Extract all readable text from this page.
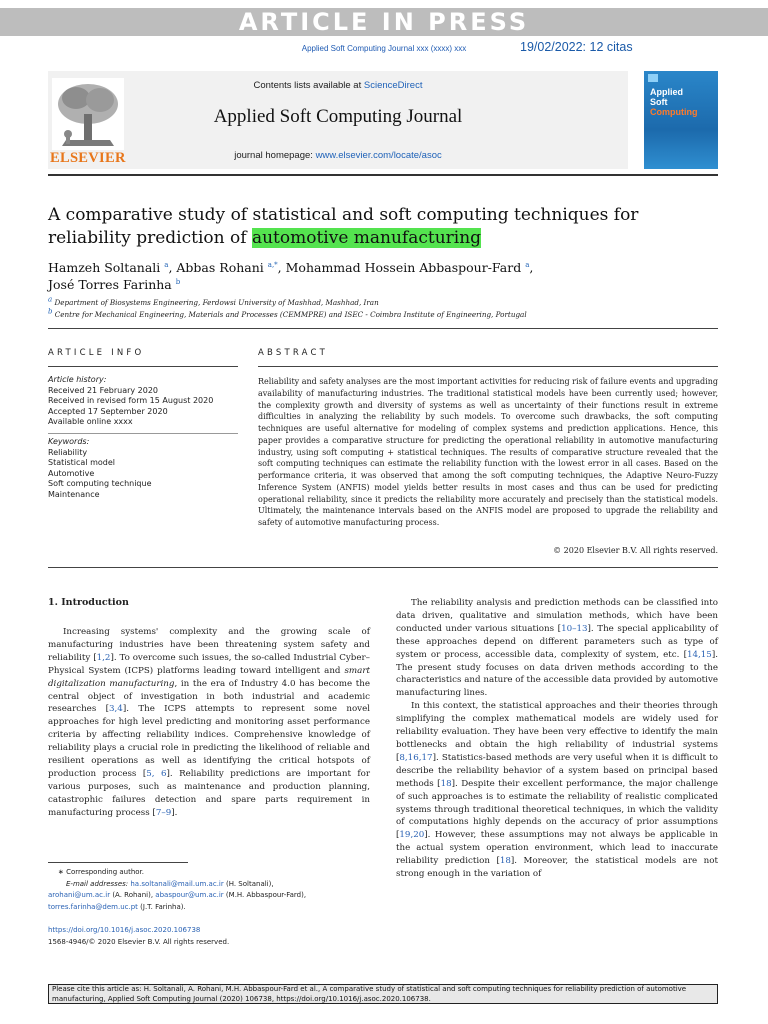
ARTICLE IN PRESS
Applied Soft Computing Journal xxx (xxxx) xxx	19/02/2022: 12 citas
ELSEVIER
Contents lists available at ScienceDirect
Applied Soft Computing Journal
journal homepage: www.elsevier.com/locate/asoc
Applied
Soft
Computing
A comparative study of statistical and soft computing techniques for reliability prediction of automotive manufacturing
Hamzeh Soltanali $^a$, Abbas Rohani $^{a,*}$, Mohammad Hossein Abbaspour-Fard $^a$,
José Torres Farinha $^b$
$^a$ Department of Biosystems Engineering, Ferdowsi University of Mashhad, Mashhad, Iran
$^b$ Centre for Mechanical Engineering, Materials and Processes (CEMMPRE) and ISEC - Coimbra Institute of Engineering, Portugal
ARTICLE INFO
Article history:
Received 21 February 2020
Received in revised form 15 August 2020
Accepted 17 September 2020
Available online xxxx
Keywords:
Reliability
Statistical model
Automotive
Soft computing technique
Maintenance
ABSTRACT
Reliability and safety analyses are the most important activities for reducing risk of failure events and upgrading availability of manufacturing industries. The traditional statistical models have been currently used; however, the complexity growth and diversity of systems as well as uncertainty of their functions result in extreme difficulties in analyzing the reliability by such models. To overcome such drawbacks, the soft computing techniques are useful alternative for modeling of complex systems and prediction applications. Hence, this paper provides a comparative structure for predicting the operational reliability in automotive manufacturing industry, using soft computing + statistical techniques. The results of comparative structure revealed that the soft computing techniques can estimate the reliability function with the lowest error in all cases. Based on the performance criteria, it was observed that among the soft computing techniques, the Adaptive Neuro-Fuzzy Inference System (ANFIS) model yields better results in most cases and thus can be used for predicting operational reliability, since it predicts the reliability more accurately and precisely than the statistical models. Ultimately, the maintenance intervals based on the ANFIS model are proposed to upgrade the reliability and safety of automotive manufacturing process.
© 2020 Elsevier B.V. All rights reserved.
1. Introduction

Increasing systems' complexity and the growing scale of manufacturing industries have been threatening system safety and reliability [1,2]. To overcome such issues, the so-called Industrial Cyber–Physical System (ICPS) platforms leading toward intelligent and smart digitalization manufacturing, in the era of Industry 4.0 has become the central object of investigation in both industrial and academic researches [3,4]. The ICPS attempts to represent some novel approaches for high level predicting and monitoring asset performance criteria by affecting reliability indices. Comprehensive knowledge of reliability plays a crucial role in predicting the likelihood of reliable and resilient operations as well as identifying the critical hotspots of production process [5, 6]. Reliability predictions are important for various purposes, such as maintenance and production planning, catastrophic failures detection and spare parts requirement in manufacturing process [7–9].

∗ Corresponding author.
E-mail addresses: ha.soltanali@mail.um.ac.ir (H. Soltanali),
arohani@um.ac.ir (A. Rohani), abaspour@um.ac.ir (M.H. Abbaspour-Fard),
torres.farinha@dem.uc.pt (J.T. Farinha).
https://doi.org/10.1016/j.asoc.2020.106738
1568-4946/© 2020 Elsevier B.V. All rights reserved.

The reliability analysis and prediction methods can be classified into data driven, qualitative and simulation methods, which have been conducted under various situations [10–13]. The special applicability of these approaches depend on different parameters such as type of system or process, accessible data, complexity of system, etc. [14,15]. The present study focuses on data driven methods according to the characteristics and nature of the accessible data provided by automotive manufacturing lines.

In this context, the statistical approaches and their theories through simplifying the complex mathematical models are widely used for reliability evaluation. They have been very effective to identify the main bottlenecks and obtain the high reliability of industrial systems [8,16,17]. Statistics-based methods are very useful when it is difficult to describe the reliability behavior of a system based on principal based methods [18]. Despite their excellent performance, the major challenge of such approaches is to estimate the reliability of realistic complicated systems through traditional theoretical techniques, in which the validity of computations highly depends on the accuracy of prior assumptions [19,20]. However, these assumptions may not always be applicable in the actual system operation environment, which lead to inaccurate reliability prediction [18]. Moreover, the statistical models are not strong enough in the variation of

Please cite this article as: H. Soltanali, A. Rohani, M.H. Abbaspour-Fard et al., A comparative study of statistical and soft computing techniques for reliability prediction of automotive manufacturing, Applied Soft Computing Journal (2020) 106738, https://doi.org/10.1016/j.asoc.2020.106738.
